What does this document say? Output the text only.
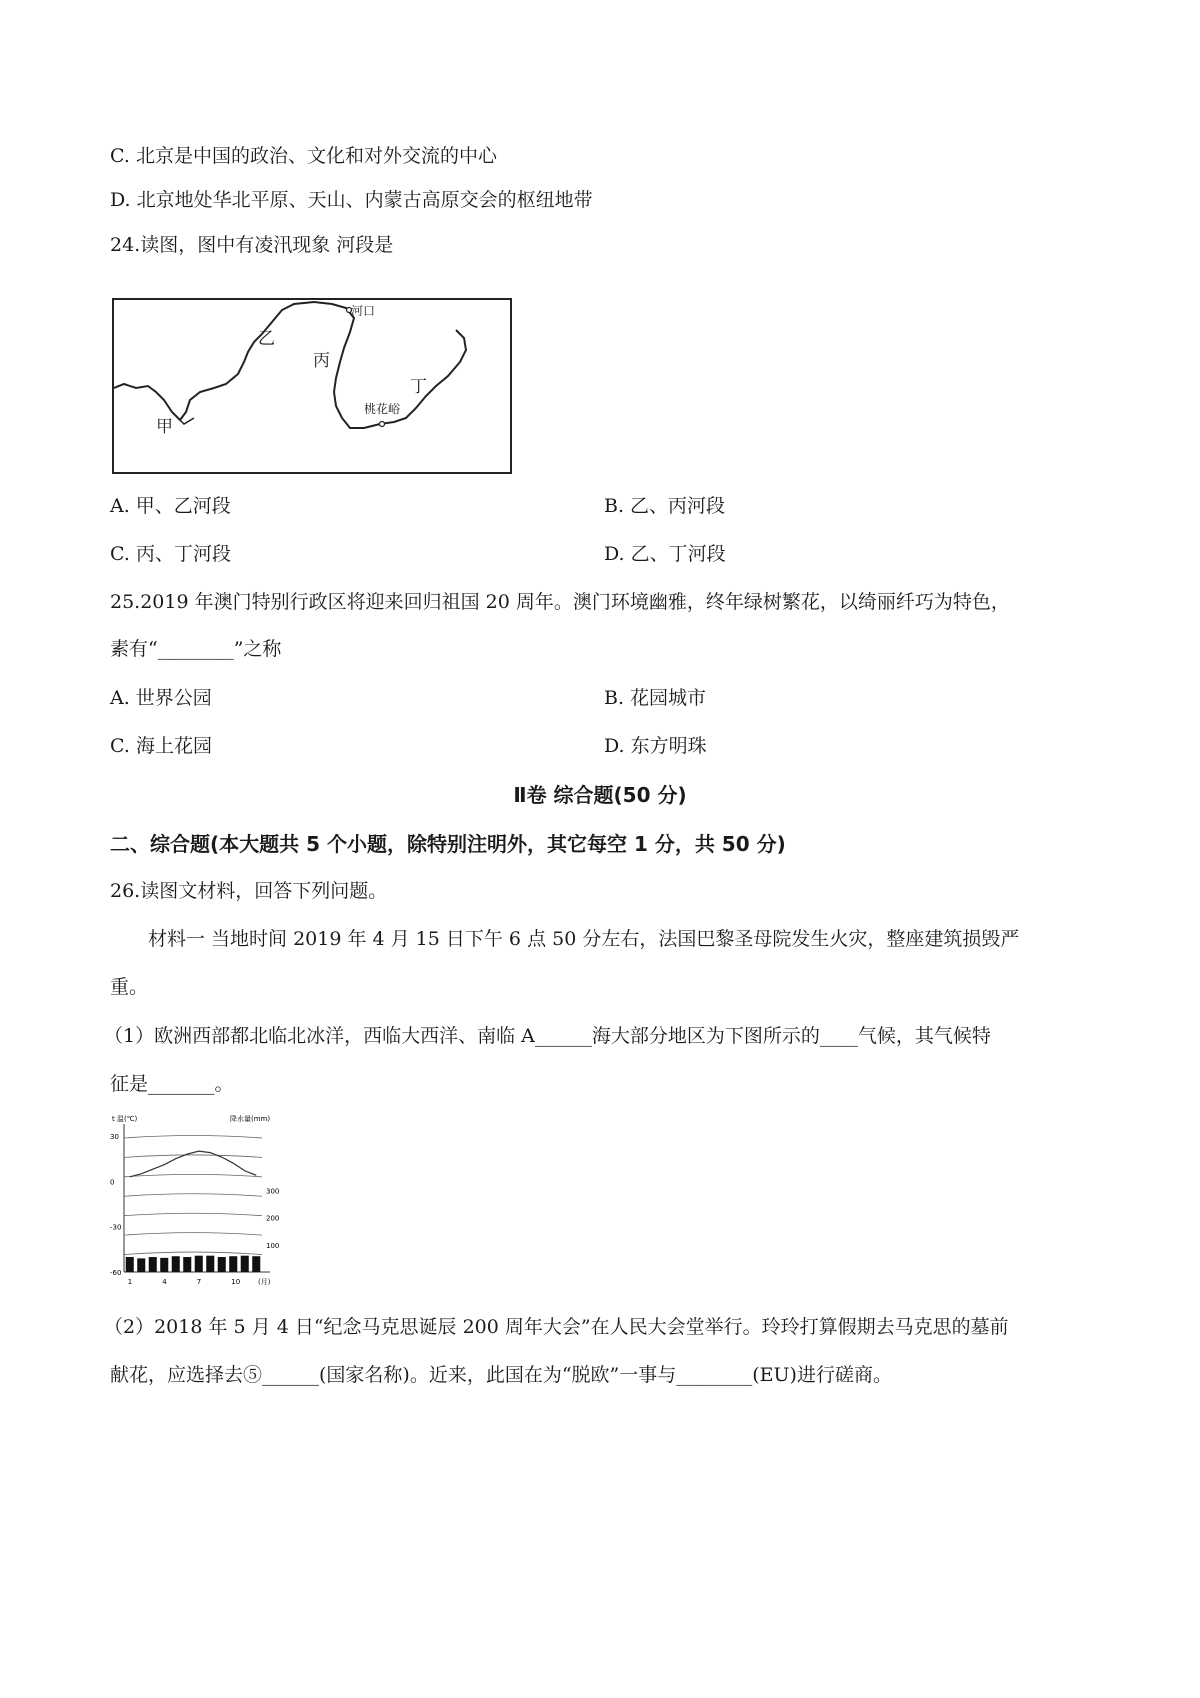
C. 北京是中国的政治、文化和对外交流的中心
D. 北京地处华北平原、天山、内蒙古高原交会的枢纽地带
24.读图，图中有凌汛现象 河段是
河口
乙
丙
丁
桃花峪
甲
A. 甲、乙河段	B. 乙、丙河段
C. 丙、丁河段	D. 乙、丁河段
25.2019 年澳门特别行政区将迎来回归祖国 20 周年。澳门环境幽雅，终年绿树繁花，以绮丽纤巧为特色，
素有“________”之称
A. 世界公园	B. 花园城市
C. 海上花园	D. 东方明珠
Ⅱ卷 综合题(50 分)
二、综合题(本大题共 5 个小题，除特别注明外，其它每空 1 分，共 50 分)
26.读图文材料，回答下列问题。
材料一 当地时间 2019 年 4 月 15 日下午 6 点 50 分左右，法国巴黎圣母院发生火灾，整座建筑损毁严
重。
（1）欧洲西部都北临北冰洋，西临大西洋、南临 A______海大部分地区为下图所示的____气候，其气候特
征是_______。
t 温(℃)	降水量(mm)
30
0
-30
-60
300
200
100
1	4	7	10	(月)
（2）2018 年 5 月 4 日“纪念马克思诞辰 200 周年大会”在人民大会堂举行。玲玲打算假期去马克思的墓前
献花，应选择去⑤______(国家名称)。近来，此国在为“脱欧”一事与________(EU)进行磋商。
